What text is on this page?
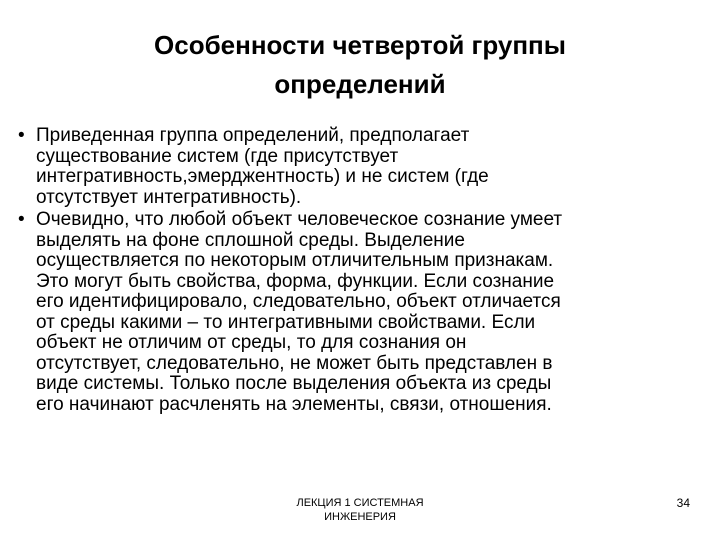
Особенности четвертой группы
определений
• Приведенная группа определений, предполагает
существование систем (где присутствует
интегративность,эмерджентность) и не систем (где
отсутствует интегративность).
• Очевидно, что любой объект человеческое сознание умеет
выделять на фоне сплошной среды. Выделение
осуществляется по некоторым отличительным признакам.
Это могут быть свойства, форма, функции. Если сознание
его идентифицировало, следовательно, объект отличается
от среды какими – то интегративными свойствами. Если
объект не отличим от среды, то для сознания он
отсутствует, следовательно, не может быть представлен в
виде системы. Только после выделения объекта из среды
его начинают расчленять на элементы, связи, отношения.
ЛЕКЦИЯ 1 СИСТЕМНАЯ
ИНЖЕНЕРИЯ
34
